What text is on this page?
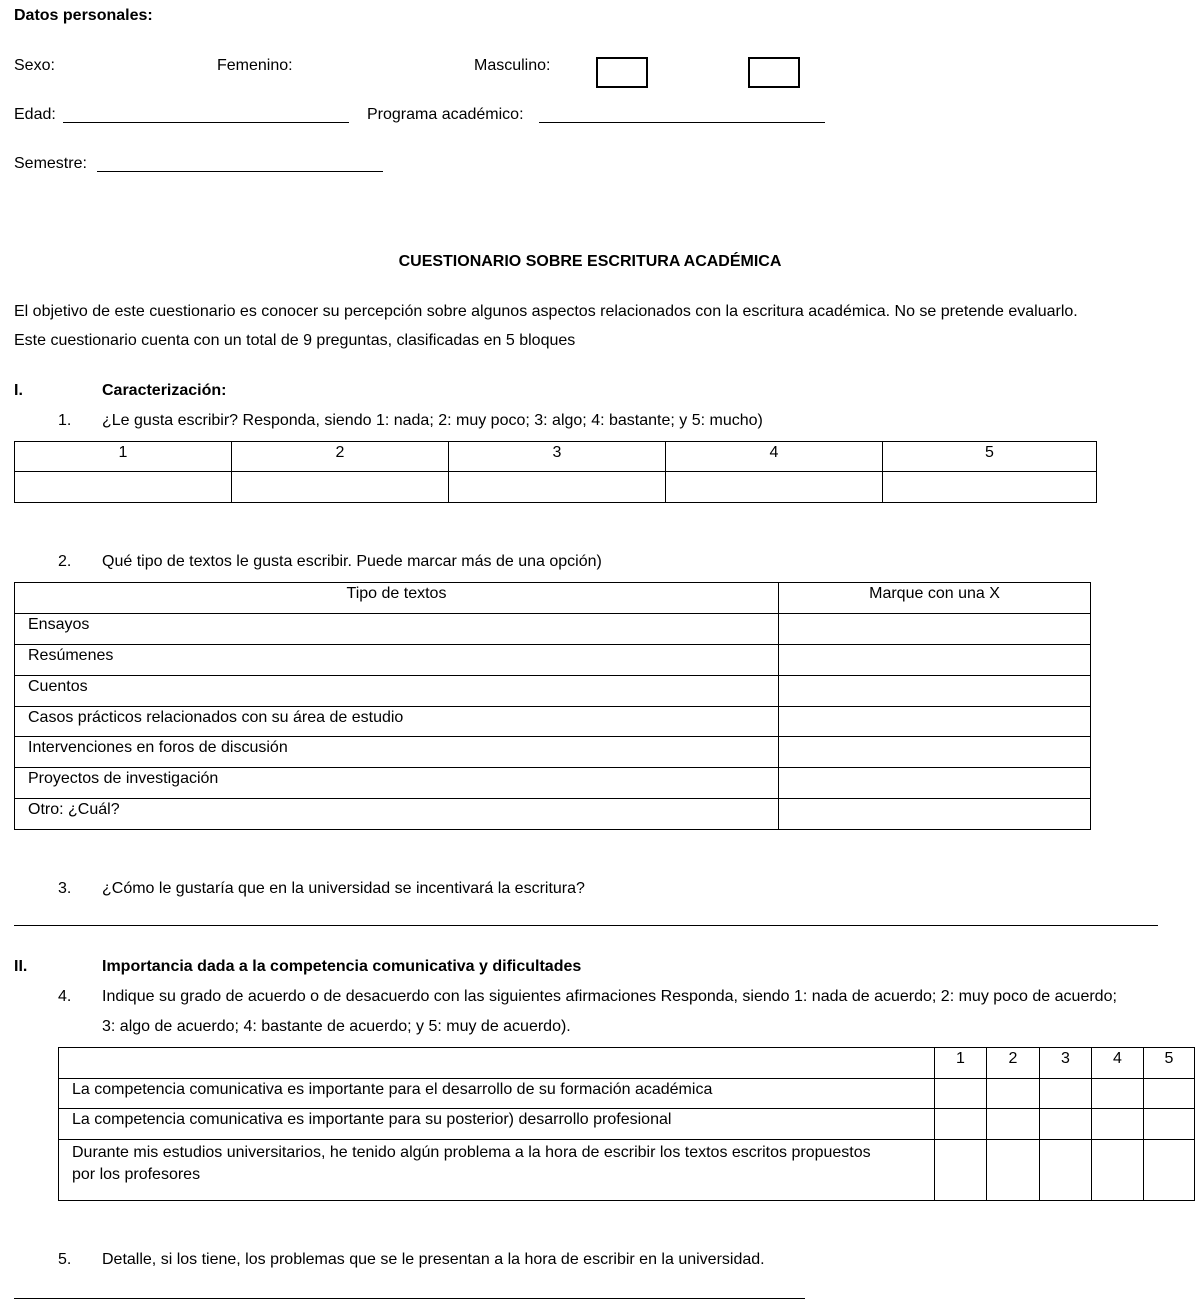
Datos personales:
Sexo:	Femenino:	Masculino:
Edad:	Programa académico:
Semestre:
CUESTIONARIO SOBRE ESCRITURA ACADÉMICA
El objetivo de este cuestionario es conocer su percepción sobre algunos aspectos relacionados con la escritura académica. No se pretende evaluarlo.
Este cuestionario cuenta con un total de 9 preguntas, clasificadas en 5 bloques
I.	Caracterización:
1. ¿Le gusta escribir? Responda, siendo 1: nada; 2: muy poco; 3: algo; 4: bastante; y 5: mucho)
1	2	3	4	5

2. Qué tipo de textos le gusta escribir. Puede marcar más de una opción)
Tipo de textos	Marque con una X
Ensayos	
Resúmenes	
Cuentos	
Casos prácticos relacionados con su área de estudio	
Intervenciones en foros de discusión	
Proyectos de investigación	
Otro: ¿Cuál?	
3. ¿Cómo le gustaría que en la universidad se incentivará la escritura?
II.	Importancia dada a la competencia comunicativa y dificultades
4. Indique su grado de acuerdo o de desacuerdo con las siguientes afirmaciones Responda, siendo 1: nada de acuerdo; 2: muy poco de acuerdo;
3: algo de acuerdo; 4: bastante de acuerdo; y 5: muy de acuerdo).
	1	2	3	4	5
La competencia comunicativa es importante para el desarrollo de su formación académica					
La competencia comunicativa es importante para su posterior) desarrollo profesional					

Durante mis estudios universitarios, he tenido algún problema a la hora de escribir los textos escritos propuestos
por los profesores					

5. Detalle, si los tiene, los problemas que se le presentan a la hora de escribir en la universidad.
